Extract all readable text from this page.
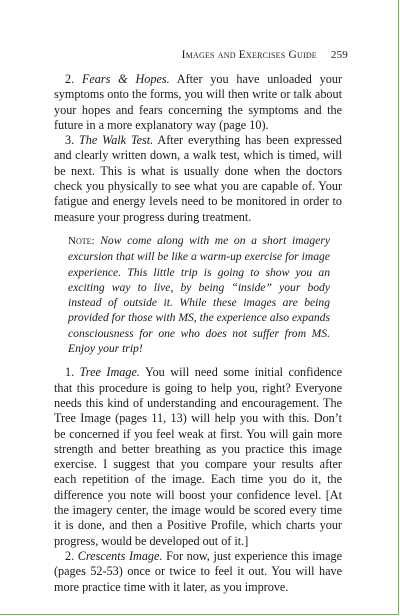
Images and Exercises Guide 259

2. Fears & Hopes. After you have unloaded your symptoms onto the forms, you will then write or talk about your hopes and fears concerning the symptoms and the future in a more explanatory way (page 10).

3. The Walk Test. After everything has been expressed and clearly written down, a walk test, which is timed, will be next. This is what is usually done when the doctors check you physically to see what you are capable of. Your fatigue and energy levels need to be monitored in order to measure your progress during treatment.

Note: Now come along with me on a short imagery excursion that will be like a warm-up exercise for image experience. This little trip is going to show you an exciting way to live, by being “inside” your body instead of outside it. While these images are being provided for those with MS, the experience also expands consciousness for one who does not suffer from MS. Enjoy your trip!

1. Tree Image. You will need some initial confidence that this procedure is going to help you, right? Everyone needs this kind of understanding and encouragement. The Tree Image (pages 11, 13) will help you with this. Don’t be concerned if you feel weak at first. You will gain more strength and better breathing as you practice this image exercise. I suggest that you compare your results after each repetition of the image. Each time you do it, the difference you note will boost your confidence level. [At the imagery center, the image would be scored every time it is done, and then a Positive Profile, which charts your progress, would be developed out of it.]

2. Crescents Image. For now, just experience this image (pages 52-53) once or twice to feel it out. You will have more practice time with it later, as you improve.
